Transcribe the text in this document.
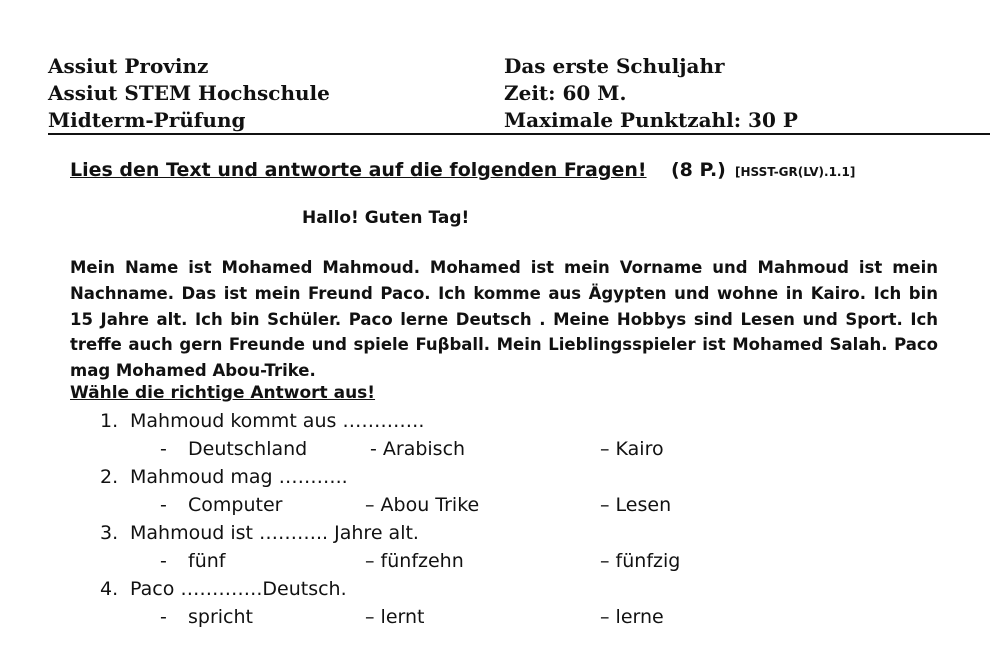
Assiut Provinz
Assiut STEM Hochschule
Midterm-Prüfung
Das erste Schuljahr
Zeit: 60 M.
Maximale Punktzahl: 30 P
Lies den Text und antworte auf die folgenden Fragen! (8 P.) [HSST-GR(LV).1.1]
Hallo! Guten Tag!
Mein Name ist Mohamed Mahmoud. Mohamed ist mein Vorname und Mahmoud ist mein Nachname. Das ist mein Freund Paco. Ich komme aus Ägypten und wohne in Kairo. Ich bin 15 Jahre alt. Ich bin Schüler. Paco lerne Deutsch . Meine Hobbys sind Lesen und Sport. Ich treffe auch gern Freunde und spiele Fuβball. Mein Lieblingsspieler ist Mohamed Salah. Paco mag Mohamed Abou-Trike.
Wähle die richtige Antwort aus!
1. Mahmoud kommt aus ………….
- Deutschland	- Arabisch	– Kairo
2. Mahmoud mag ………..
- Computer	– Abou Trike	– Lesen
3. Mahmoud ist ……….. Jahre alt.
- fünf	– fünfzehn	– fünfzig
4. Paco ………….Deutsch.
- spricht	– lernt	– lerne
